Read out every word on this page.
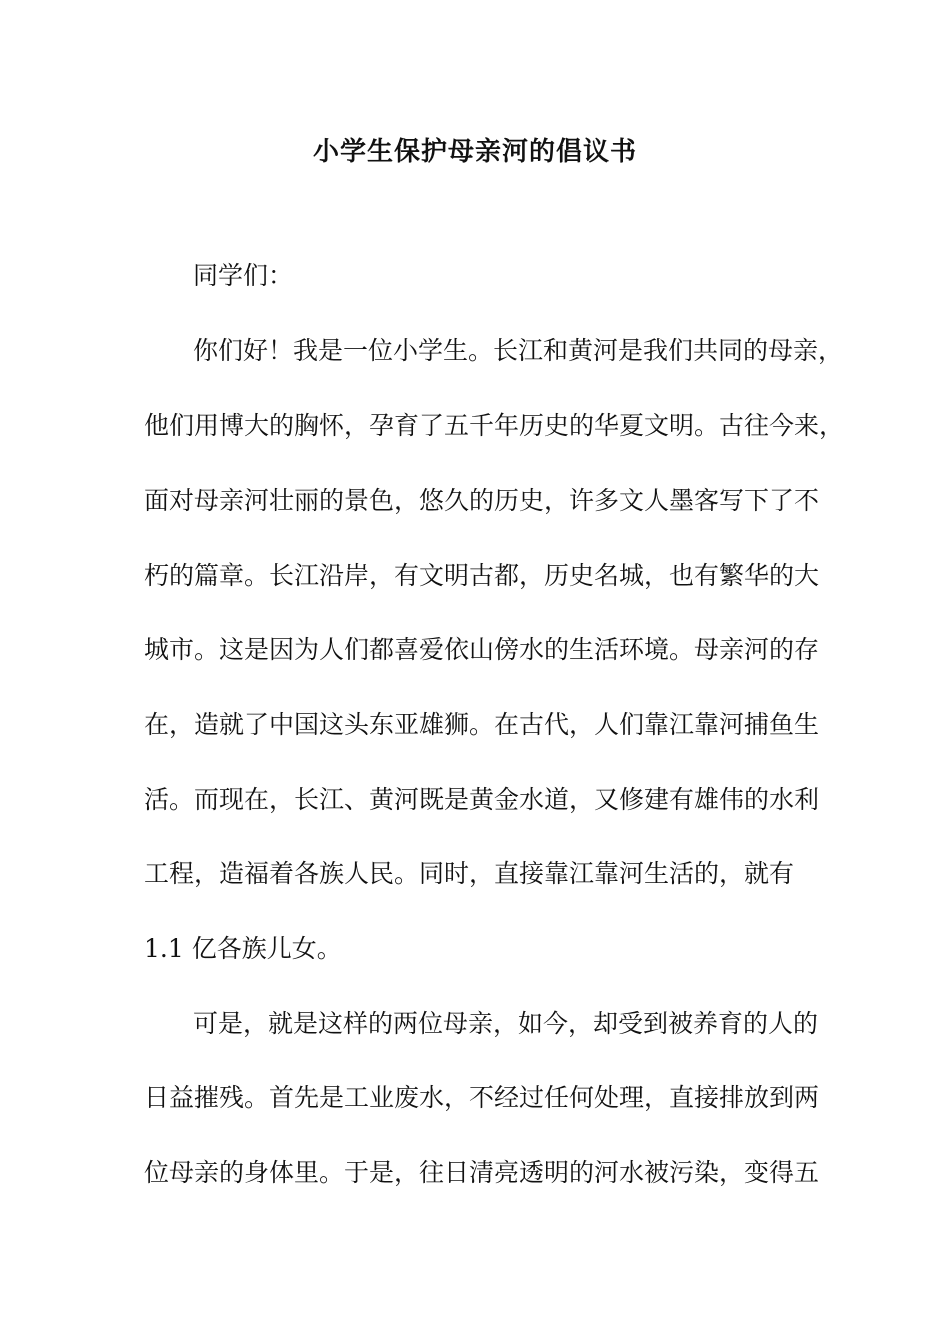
小学生保护母亲河的倡议书

同学们：

你们好！我是一位小学生。长江和黄河是我们共同的母亲，

他们用博大的胸怀，孕育了五千年历史的华夏文明。古往今来，

面对母亲河壮丽的景色，悠久的历史，许多文人墨客写下了不

朽的篇章。长江沿岸，有文明古都，历史名城，也有繁华的大

城市。这是因为人们都喜爱依山傍水的生活环境。母亲河的存

在，造就了中国这头东亚雄狮。在古代，人们靠江靠河捕鱼生

活。而现在，长江、黄河既是黄金水道，又修建有雄伟的水利

工程，造福着各族人民。同时，直接靠江靠河生活的，就有

1.1 亿各族儿女。

可是，就是这样的两位母亲，如今，却受到被养育的人的

日益摧残。首先是工业废水，不经过任何处理，直接排放到两

位母亲的身体里。于是，往日清亮透明的河水被污染，变得五
